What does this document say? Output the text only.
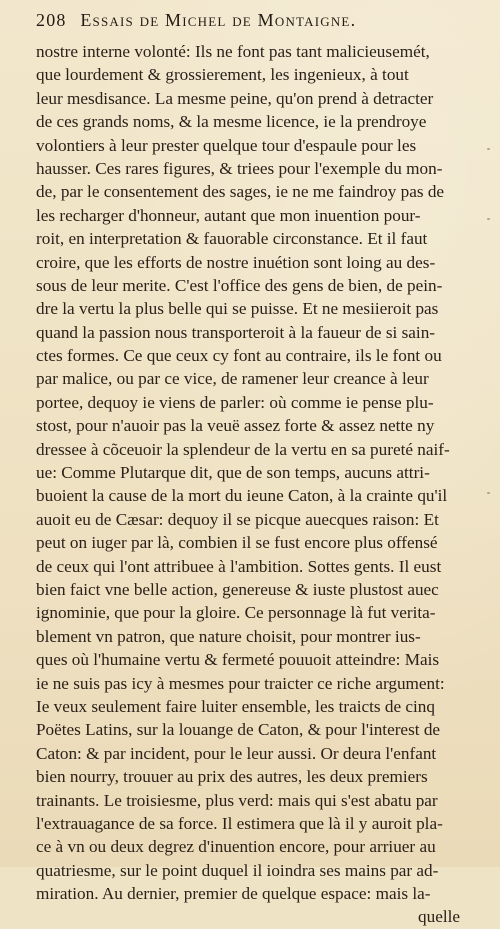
208 Essais de Michel de Montaigne.
nostre interne volonté: Ils ne font pas tant malicieusemét,
que lourdement & grossierement, les ingenieux, à tout
leur mesdisance. La mesme peine, qu'on prend à detracter
de ces grands noms, & la mesme licence, ie la prendroye
volontiers à leur prester quelque tour d'espaule pour les
hausser. Ces rares figures, & triees pour l'exemple du mon-
de, par le consentement des sages, ie ne me faindroy pas de
les recharger d'honneur, autant que mon inuention pour-
roit, en interpretation & fauorable circonstance. Et il faut
croire, que les efforts de nostre inuétion sont loing au des-
sous de leur merite. C'est l'office des gens de bien, de pein-
dre la vertu la plus belle qui se puisse. Et ne mesiieroit pas
quand la passion nous transporteroit à la faueur de si sain-
ctes formes. Ce que ceux cy font au contraire, ils le font ou
par malice, ou par ce vice, de ramener leur creance à leur
portee, dequoy ie viens de parler: où comme ie pense plu-
stost, pour n'auoir pas la veuë assez forte & assez nette ny
dressee à cõceuoir la splendeur de la vertu en sa pureté naif-
ue: Comme Plutarque dit, que de son temps, aucuns attri-
buoient la cause de la mort du ieune Caton, à la crainte qu'il
auoit eu de Cæsar: dequoy il se picque auecques raison: Et
peut on iuger par là, combien il se fust encore plus offensé
de ceux qui l'ont attribuee à l'ambition. Sottes gents. Il eust
bien faict vne belle action, genereuse & iuste plustost auec
ignominie, que pour la gloire. Ce personnage là fut verita-
blement vn patron, que nature choisit, pour montrer ius-
ques où l'humaine vertu & fermeté pouuoit atteindre: Mais
ie ne suis pas icy à mesmes pour traicter ce riche argument:
Ie veux seulement faire luiter ensemble, les traicts de cinq
Poëtes Latins, sur la louange de Caton, & pour l'interest de
Caton: & par incident, pour le leur aussi. Or deura l'enfant
bien nourry, trouuer au prix des autres, les deux premiers
trainants. Le troisiesme, plus verd: mais qui s'est abatu par
l'extrauagance de sa force. Il estimera que là il y auroit pla-
ce à vn ou deux degrez d'inuention encore, pour arriuer au
quatriesme, sur le point duquel il ioindra ses mains par ad-
miration. Au dernier, premier de quelque espace: mais la-
quelle
